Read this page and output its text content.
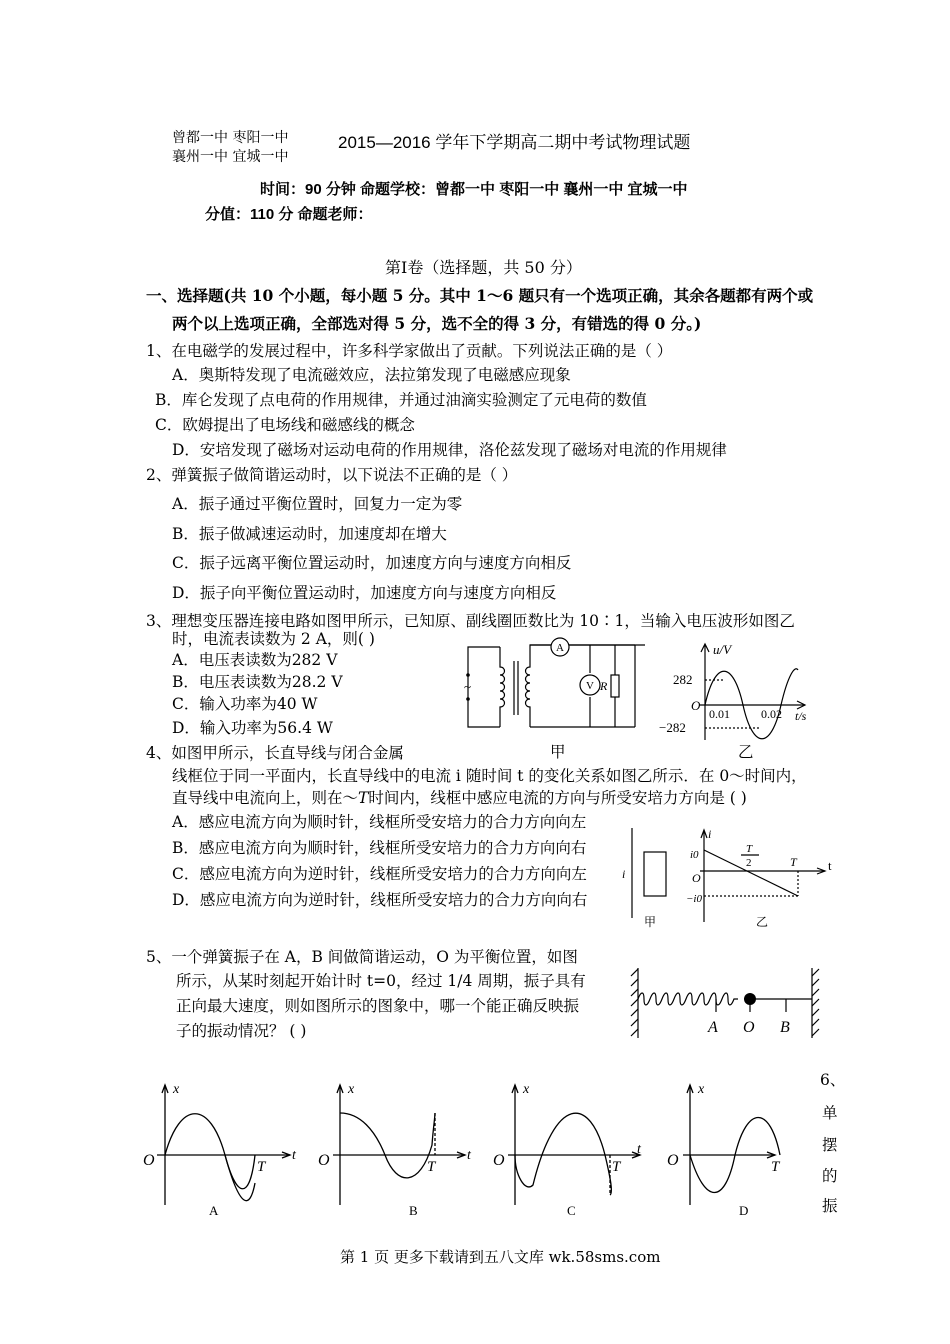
曾都一中 枣阳一中
襄州一中 宜城一中
2015—2016 学年下学期高二期中考试物理试题
时间：90 分钟 命题学校：曾都一中 枣阳一中 襄州一中 宜城一中
分值：110 分 命题老师：
第Ⅰ卷（选择题，共 50 分）
一、选择题(共 10 个小题，每小题 5 分。其中 1～6 题只有一个选项正确，其余各题都有两个或
两个以上选项正确，全部选对得 5 分，选不全的得 3 分，有错选的得 0 分。)
1、在电磁学的发展过程中，许多科学家做出了贡献。下列说法正确的是（ ）
A．奥斯特发现了电流磁效应，法拉第发现了电磁感应现象
B．库仑发现了点电荷的作用规律，并通过油滴实验测定了元电荷的数值
C．欧姆提出了电场线和磁感线的概念
D．安培发现了磁场对运动电荷的作用规律，洛伦兹发现了磁场对电流的作用规律
2、弹簧振子做简谐运动时，以下说法不正确的是（ ）
A．振子通过平衡位置时，回复力一定为零
B．振子做减速运动时，加速度却在增大
C．振子远离平衡位置运动时，加速度方向与速度方向相反
D．振子向平衡位置运动时，加速度方向与速度方向相反
3、理想变压器连接电路如图甲所示，已知原、副线圈匝数比为 10∶1，当输入电压波形如图乙
时，电流表读数为 2 A，则( )
A．电压表读数为282 V
B．电压表读数为28.2 V
C．输入功率为40 W
D．输入功率为56.4 W
A
V R
~
甲
u/V
282
O
0.01	0.02 t/s
−282
乙
4、如图甲所示，长直导线与闭合金属
线框位于同一平面内，长直导线中的电流 i 随时间 t 的变化关系如图乙所示．在 0～时间内，
直导线中电流向上，则在～T时间内，线框中感应电流的方向与所受安培力方向是 ( )
A．感应电流方向为顺时针，线框所受安培力的合力方向向左
B．感应电流方向为顺时针，线框所受安培力的合力方向向右
C．感应电流方向为逆时针，线框所受安培力的合力方向向左
D．感应电流方向为逆时针，线框所受安培力的合力方向向右
i
i
i0
O
−i0
T
2	T t
甲	乙
5、一个弹簧振子在 A，B 间做简谐运动，O 为平衡位置，如图
所示，从某时刻起开始计时 t=0，经过 1/4 周期，振子具有
正向最大速度，则如图所示的图象中，哪一个能正确反映振
子的振动情况？ ( )	A O B
x
O	T
t
A
x
O	T
t
B
x
O	T
t
C
x
O	T
D
6、
单
摆
的
振
第 1 页 更多下载请到五八文库 wk.58sms.com
